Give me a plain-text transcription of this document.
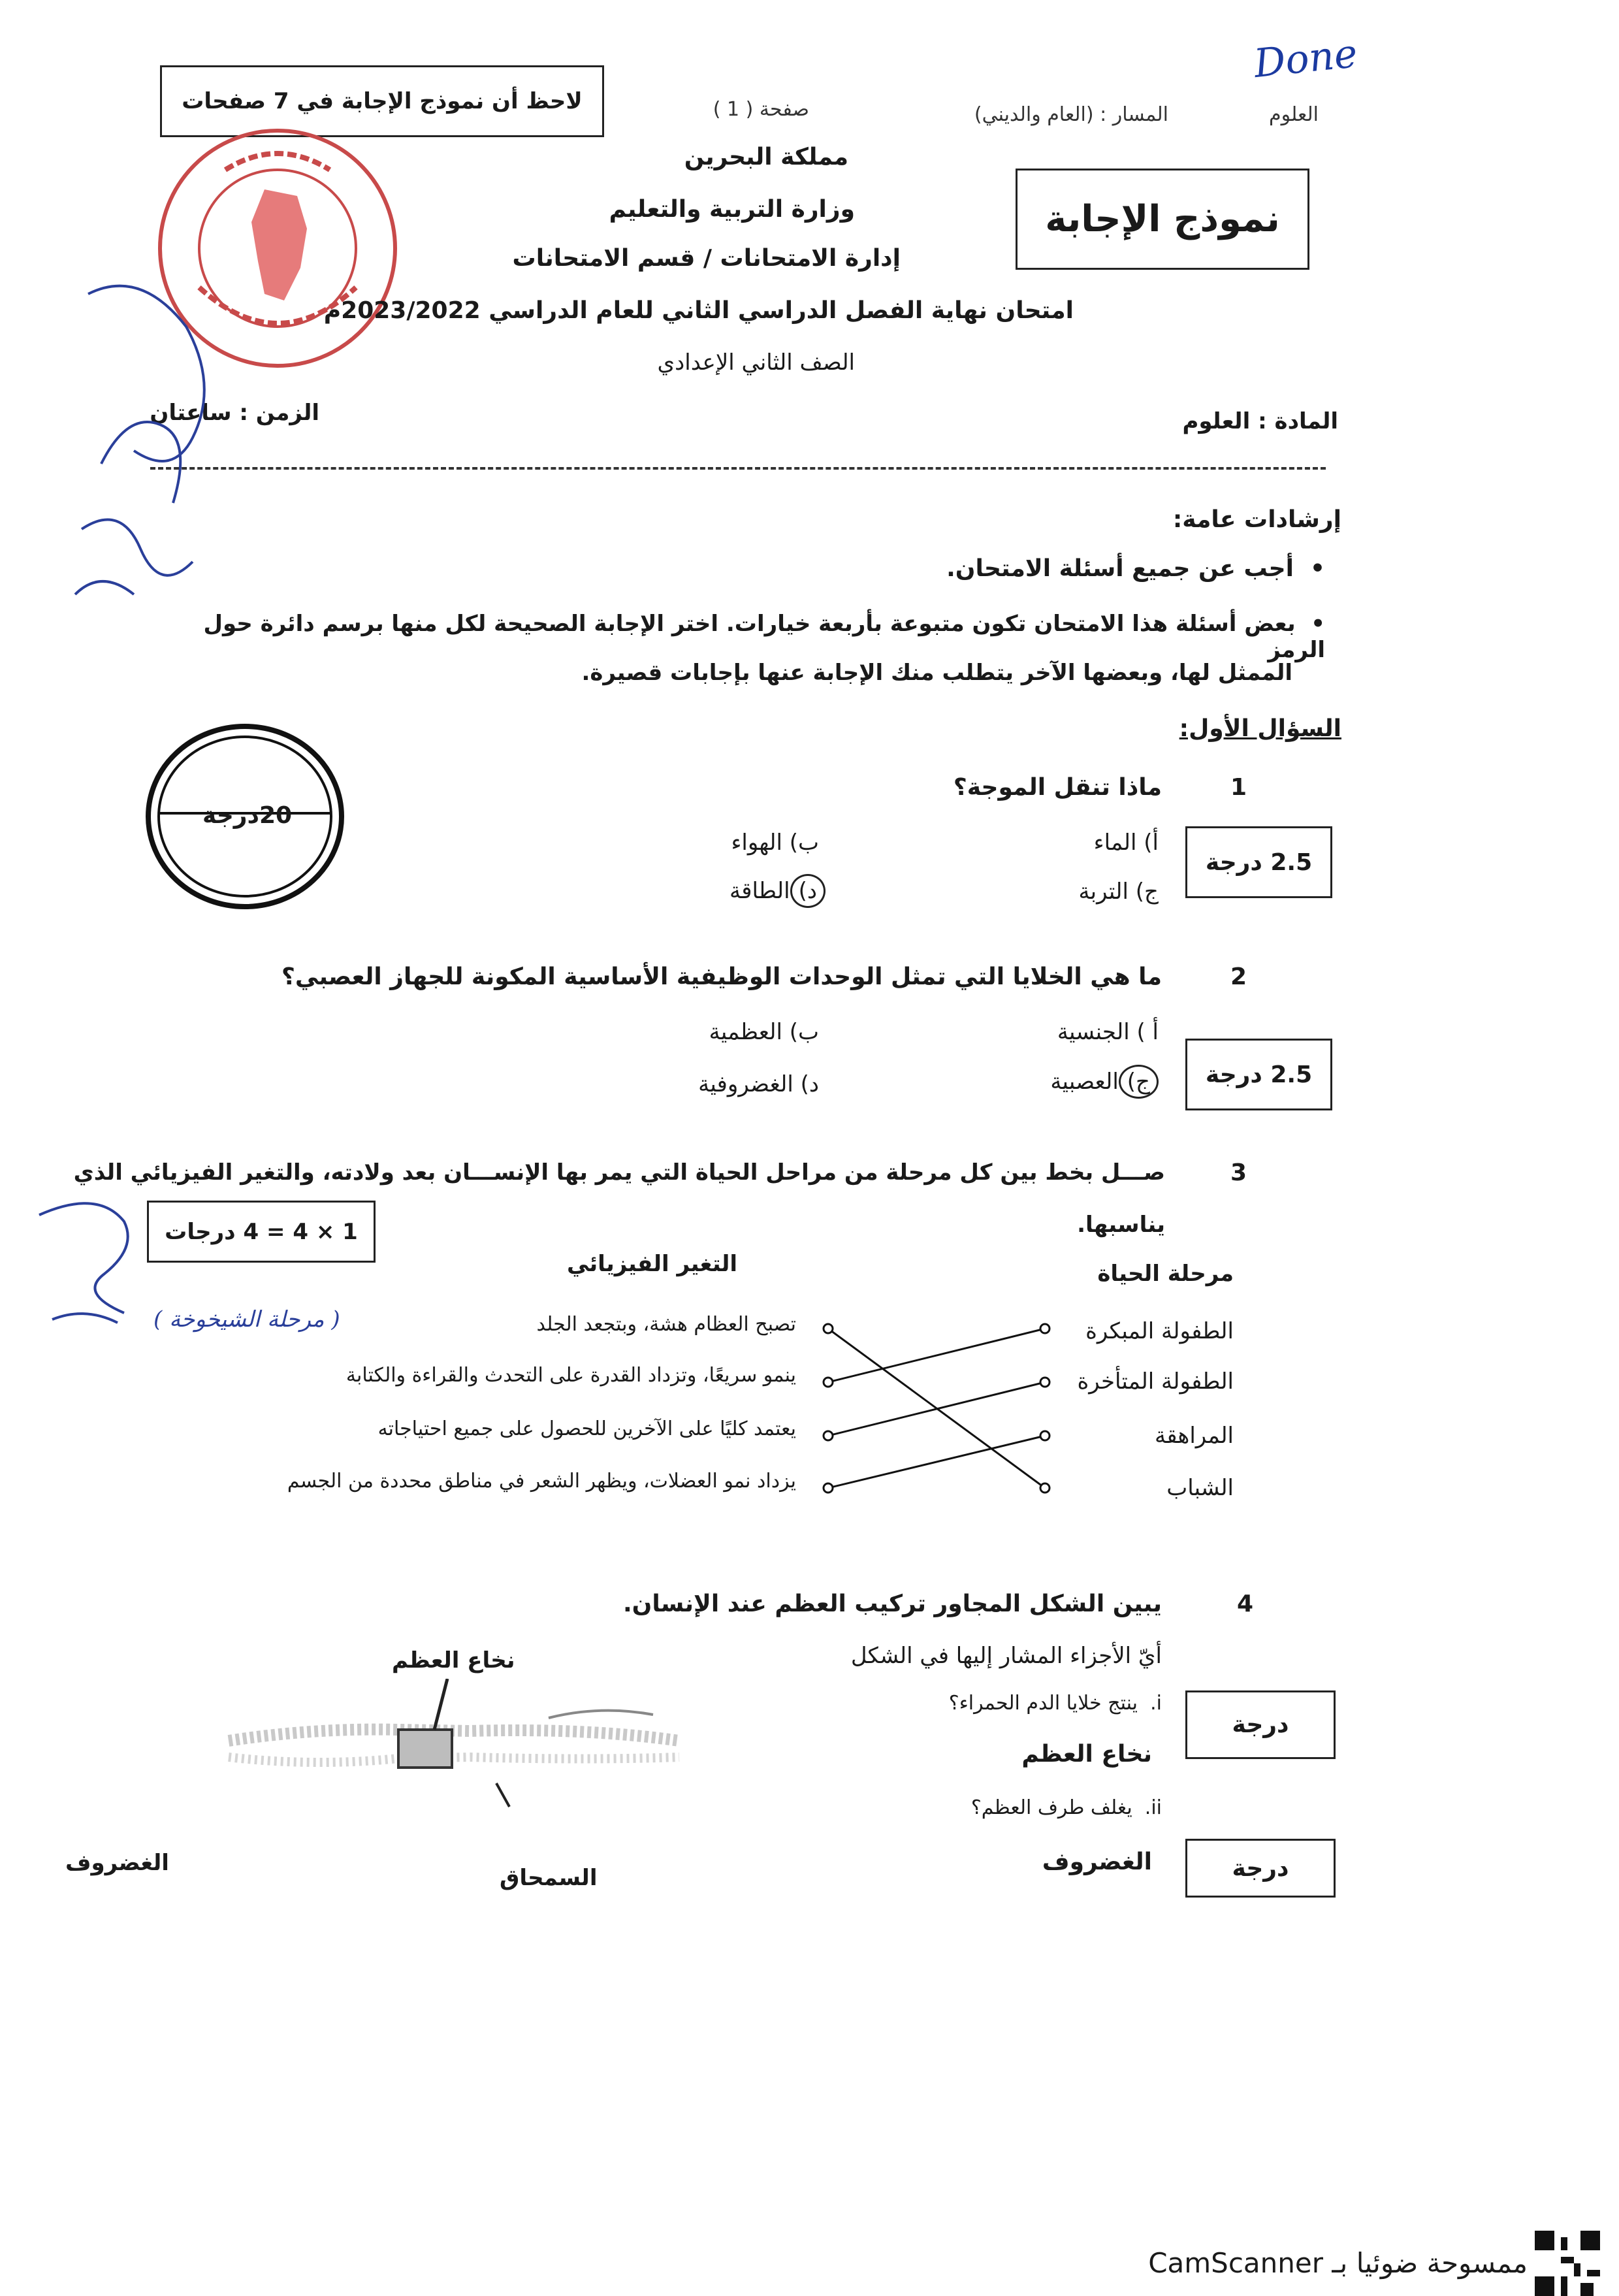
العلوم
المسار : (العام والديني)
صفحة ( 1 )
لاحظ أن نموذج الإجابة في 7 صفحات
Done
مملكة البحرين
وزارة التربية والتعليم
إدارة الامتحانات / قسم الامتحانات
نموذج الإجابة
امتحان نهاية الفصل الدراسي الثاني للعام الدراسي 2023/2022م
الصف الثاني الإعدادي
المادة : العلوم
الزمن : ساعتان
إرشادات عامة:
•  أجب عن جميع أسئلة الامتحان.
•  بعض أسئلة هذا الامتحان تكون متبوعة بأربعة خيارات. اختر الإجابة الصحيحة لكل منها برسم دائرة حول الرمز
الممثل لها، وبعضها الآخر يتطلب منك الإجابة عنها بإجابات قصيرة.
السؤال الأول:
20درجة
1
ماذا تنقل الموجة؟
أ) الماء
ب) الهواء
ج) التربة
د)الطاقة
2.5 درجة
2
ما هي الخلايا التي تمثل الوحدات الوظيفية الأساسية المكونة للجهاز العصبي؟
أ ) الجنسية
ب) العظمية
ج)العصبية
د) الغضروفية	2.5 درجة
3
صـــل بخط بين كل مرحلة من مراحل الحياة التي يمر بها الإنســـان بعد ولادته، والتغير الفيزيائي الذي
يناسبها.
1 × 4 = 4 درجات
مرحلة الحياة
التغير الفيزيائي
الطفولة المبكرة
الطفولة المتأخرة
المراهقة
الشباب
تصبح العظام هشة، وبتجعد الجلد
ينمو سريعًا، وتزداد القدرة على التحدث والقراءة والكتابة
يعتمد كليًا على الآخرين للحصول على جميع احتياجاته
يزداد نمو العضلات، ويظهر الشعر في مناطق محددة من الجسم
( مرحلة الشيخوخة )
4
يبين الشكل المجاور تركيب العظم عند الإنسان.
أيّ الأجزاء المشار إليها في الشكل
i.  ينتج خلايا الدم الحمراء؟
نخاع العظم
ii.  يغلف طرف العظم؟
الغضروف
درجة
درجة
نخاع العظم
الغضروف
السمحاق
ممسوحة ضوئيا بـ CamScanner
